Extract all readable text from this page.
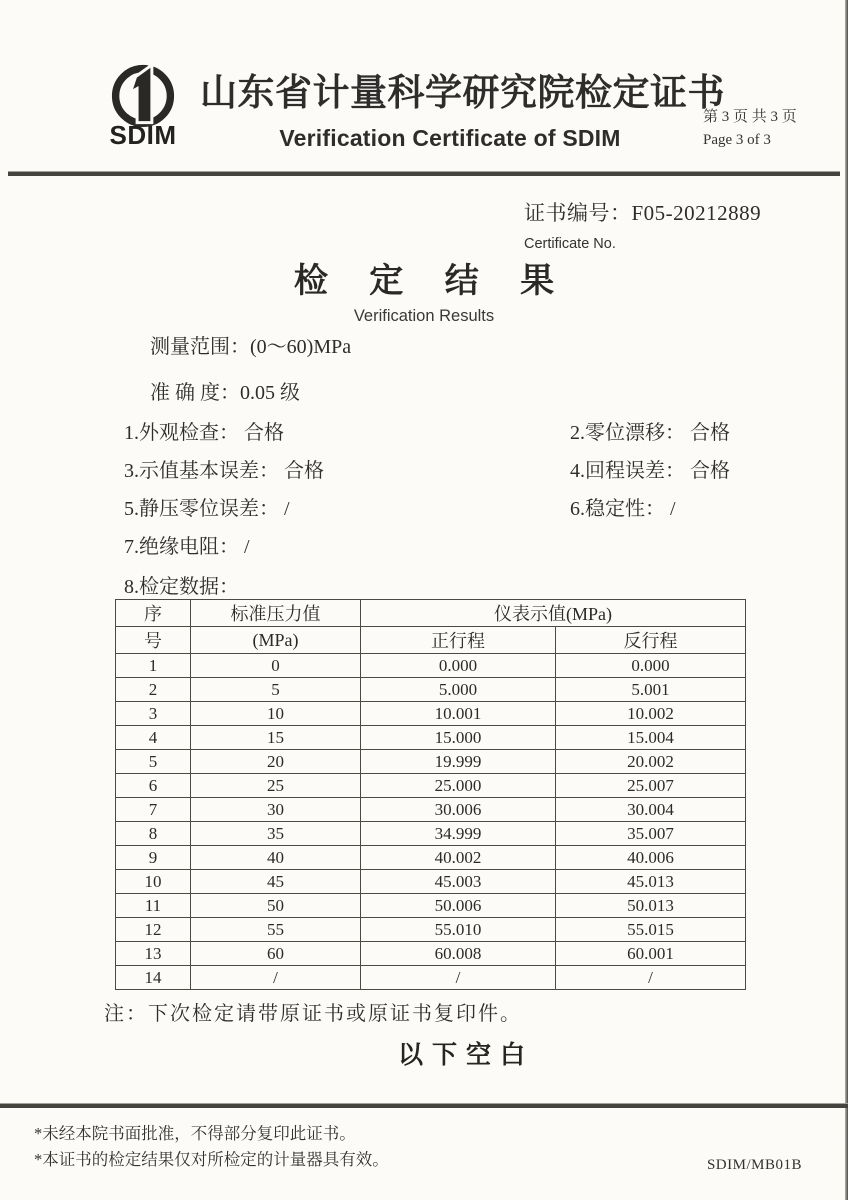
SDIM
山东省计量科学研究院检定证书
Verification Certificate of SDIM
第 3 页 共 3 页
Page 3 of 3
证书编号：F05-20212889
Certificate No.
检 定 结 果
Verification Results
测量范围：(0～60)MPa
准 确 度：0.05 级
1.外观检查： 合格	2.零位漂移： 合格
3.示值基本误差： 合格	4.回程误差： 合格
5.静压零位误差： /	6.稳定性： /
7.绝缘电阻： /
8.检定数据：
序	标准压力值	仪表示值(MPa)	
号	(MPa)	正行程	反行程
1	0	0.000	0.000
2	5	5.000	5.001
3	10	10.001	10.002
4	15	15.000	15.004
5	20	19.999	20.002
6	25	25.000	25.007
7	30	30.006	30.004
8	35	34.999	35.007
9	40	40.002	40.006
10	45	45.003	45.013
11	50	50.006	50.013
12	55	55.010	55.015
13	60	60.008	60.001
14	/	/	/
注：下次检定请带原证书或原证书复印件。
以下空白
*未经本院书面批准，不得部分复印此证书。
*本证书的检定结果仅对所检定的计量器具有效。	SDIM/MB01B
